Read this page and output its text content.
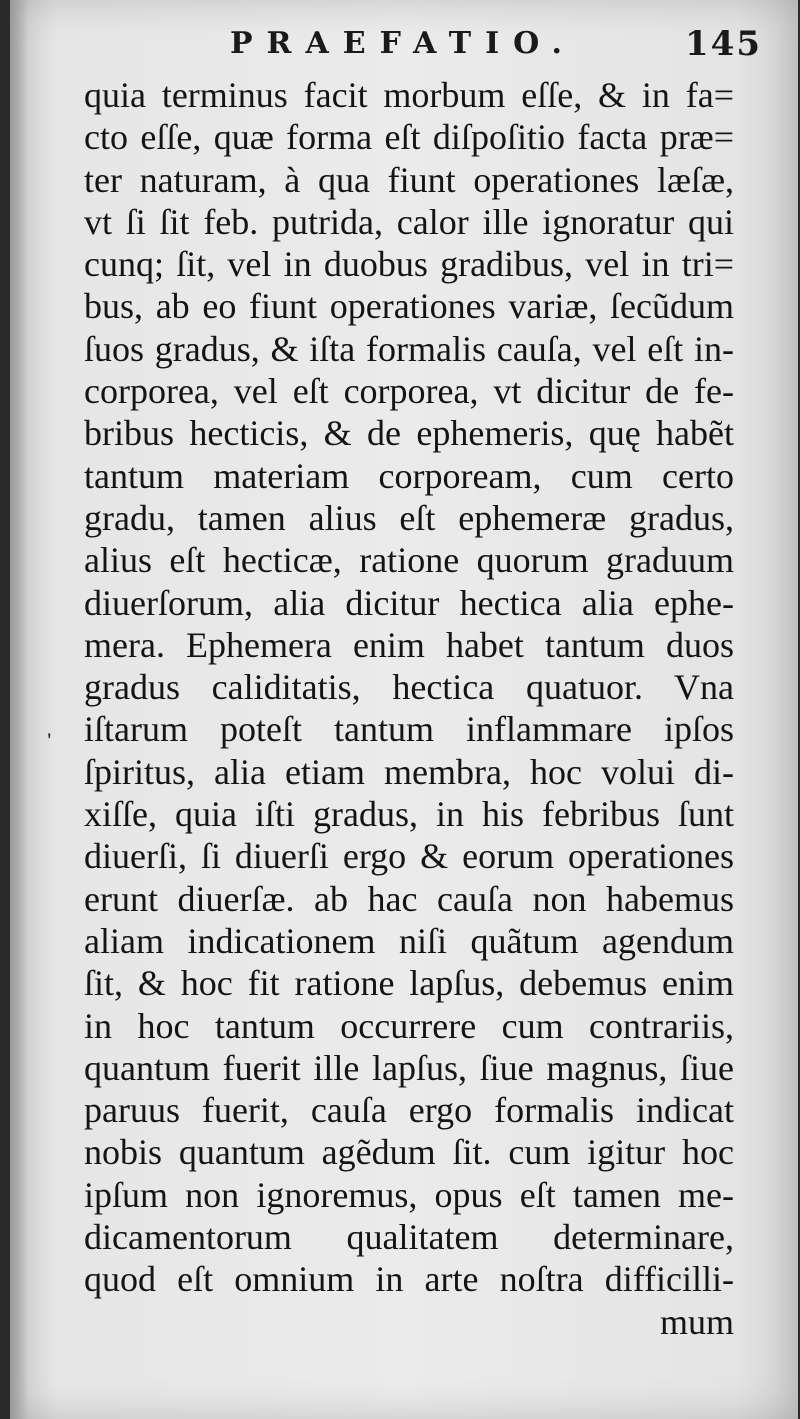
PRAEFATIO.	145
ʼ
quia terminus facit morbum eſſe, & in fa=
cto eſſe, quæ forma eſt diſpoſitio facta præ=
ter naturam, à qua fiunt operationes læſæ,
vt ſi ſit feb. putrida, calor ille ignoratur qui
cunq; ſit, vel in duobus gradibus, vel in tri=
bus, ab eo fiunt operationes variæ, ſecũdum
ſuos gradus, & iſta formalis cauſa, vel eſt in-
corporea, vel eſt corporea, vt dicitur de fe-
bribus hecticis, & de ephemeris, quę habẽt
tantum materiam corpoream, cum certo
gradu, tamen alius eſt ephemeræ gradus,
alius eſt hecticæ, ratione quorum graduum
diuerſorum, alia dicitur hectica alia ephe-
mera. Ephemera enim habet tantum duos
gradus caliditatis, hectica quatuor. Vna
iſtarum poteſt tantum inflammare ipſos
ſpiritus, alia etiam membra, hoc volui di-
xiſſe, quia iſti gradus, in his febribus ſunt
diuerſi, ſi diuerſi ergo & eorum operationes
erunt diuerſæ. ab hac cauſa non habemus
aliam indicationem niſi quãtum agendum
ſit, & hoc fit ratione lapſus, debemus enim
in hoc tantum occurrere cum contrariis,
quantum fuerit ille lapſus, ſiue magnus, ſiue
paruus fuerit, cauſa ergo formalis indicat
nobis quantum agẽdum ſit. cum igitur hoc
ipſum non ignoremus, opus eſt tamen me-
dicamentorum qualitatem determinare,
quod eſt omnium in arte noſtra difficilli-
mum
